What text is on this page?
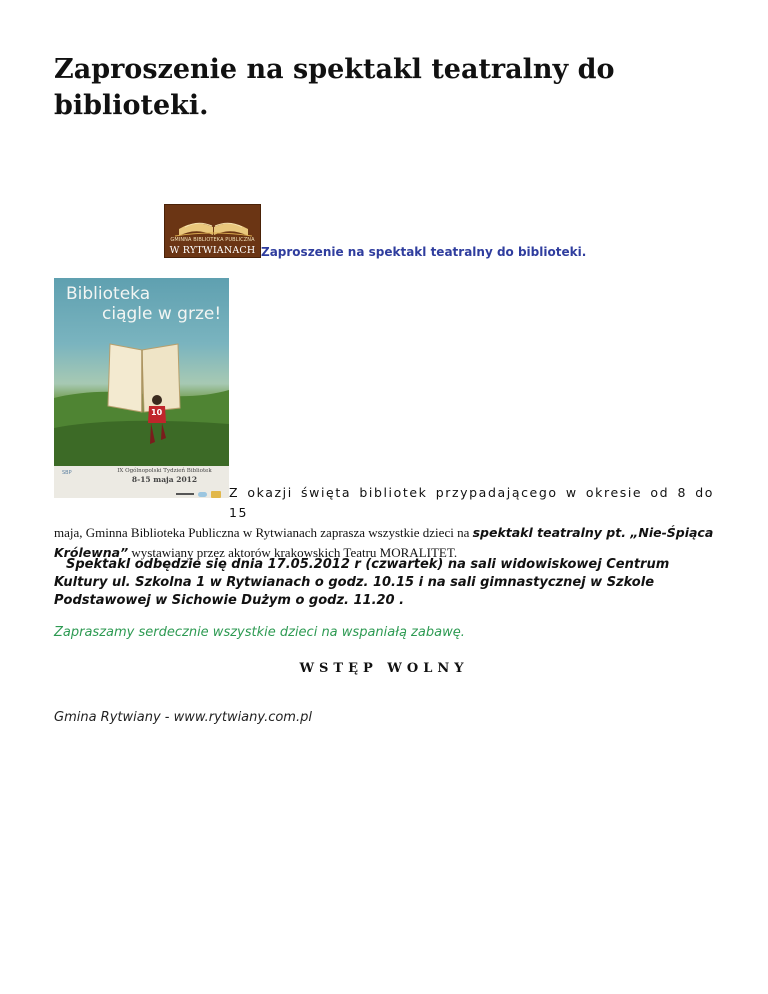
Zaproszenie na spektakl teatralny do biblioteki.
GMINNA BIBLIOTEKA PUBLICZNA
W RYTWIANACH Zaproszenie na spektakl teatralny do biblioteki.
Biblioteka
ciągle w grze!
10
SBP	IX Ogólnopolski Tydzień Bibliotek
8-15 maja 2012

Z okazji święta bibliotek przypadającego w okresie od 8 do 15
maja, Gminna Biblioteka Publiczna w Rytwianach zaprasza wszystkie dzieci na spektakl teatralny pt. „Nie-Śpiąca Królewna” wystawiany przez aktorów krakowskich Teatru MORALITET.

Spektakl odbędzie się dnia 17.05.2012 r (czwartek) na sali widowiskowej Centrum Kultury ul. Szkolna 1 w Rytwianach o godz. 10.15 i na sali gimnastycznej w Szkole Podstawowej w Sichowie Dużym o godz. 11.20 .

Zapraszamy serdecznie wszystkie dzieci na wspaniałą zabawę.

WSTĘP WOLNY

Gmina Rytwiany - www.rytwiany.com.pl
